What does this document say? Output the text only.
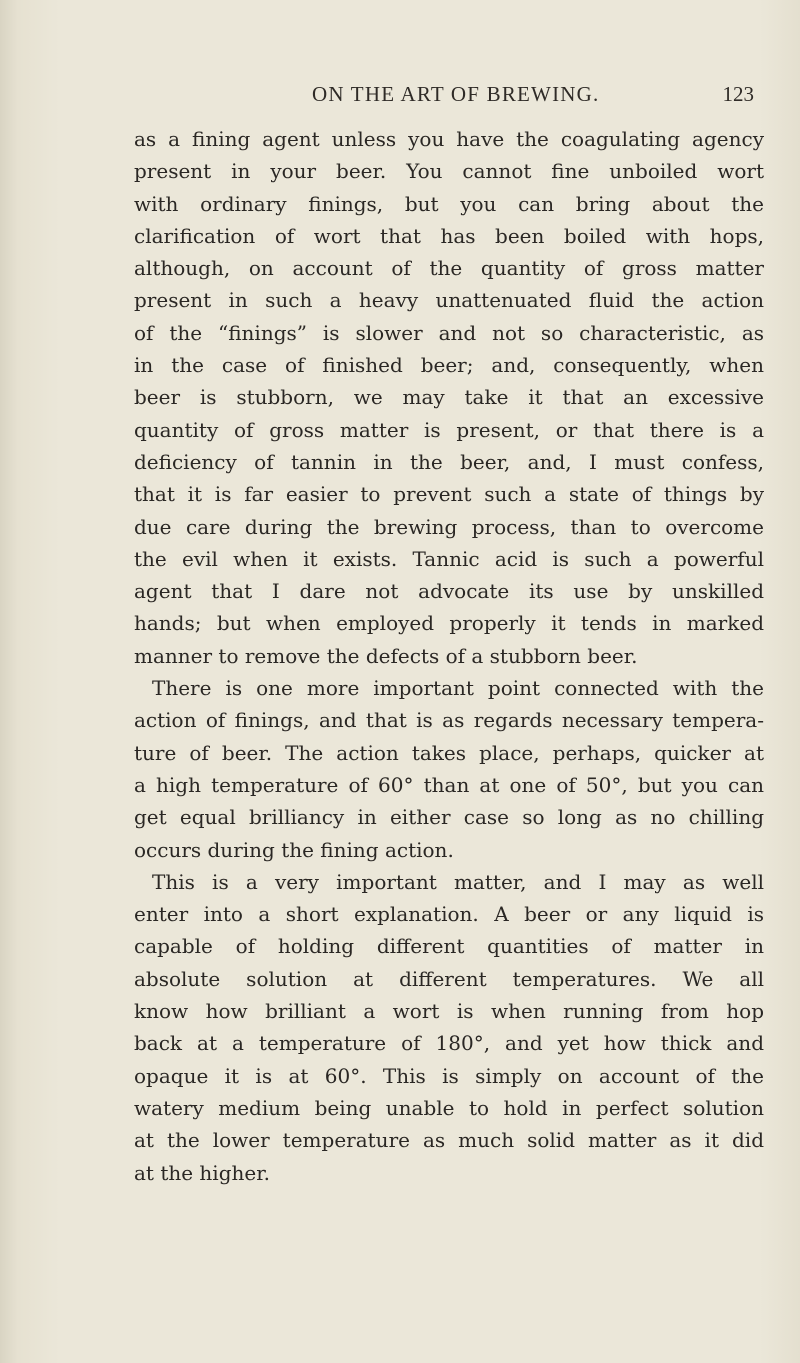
ON THE ART OF BREWING.	123
as a fining agent unless you have the coagulating agency
present in your beer. You cannot fine unboiled wort
with ordinary finings, but you can bring about the
clarification of wort that has been boiled with hops,
although, on account of the quantity of gross matter
present in such a heavy unattenuated fluid the action
of the “finings” is slower and not so characteristic, as
in the case of finished beer; and, consequently, when
beer is stubborn, we may take it that an excessive
quantity of gross matter is present, or that there is a
deficiency of tannin in the beer, and, I must confess,
that it is far easier to prevent such a state of things by
due care during the brewing process, than to overcome
the evil when it exists. Tannic acid is such a powerful
agent that I dare not advocate its use by unskilled
hands; but when employed properly it tends in marked
manner to remove the defects of a stubborn beer.
There is one more important point connected with the
action of finings, and that is as regards necessary tempera-
ture of beer. The action takes place, perhaps, quicker at
a high temperature of 60° than at one of 50°, but you can
get equal brilliancy in either case so long as no chilling
occurs during the fining action.
This is a very important matter, and I may as well
enter into a short explanation. A beer or any liquid is
capable of holding different quantities of matter in
absolute solution at different temperatures. We all
know how brilliant a wort is when running from hop
back at a temperature of 180°, and yet how thick and
opaque it is at 60°. This is simply on account of the
watery medium being unable to hold in perfect solution
at the lower temperature as much solid matter as it did
at the higher.
